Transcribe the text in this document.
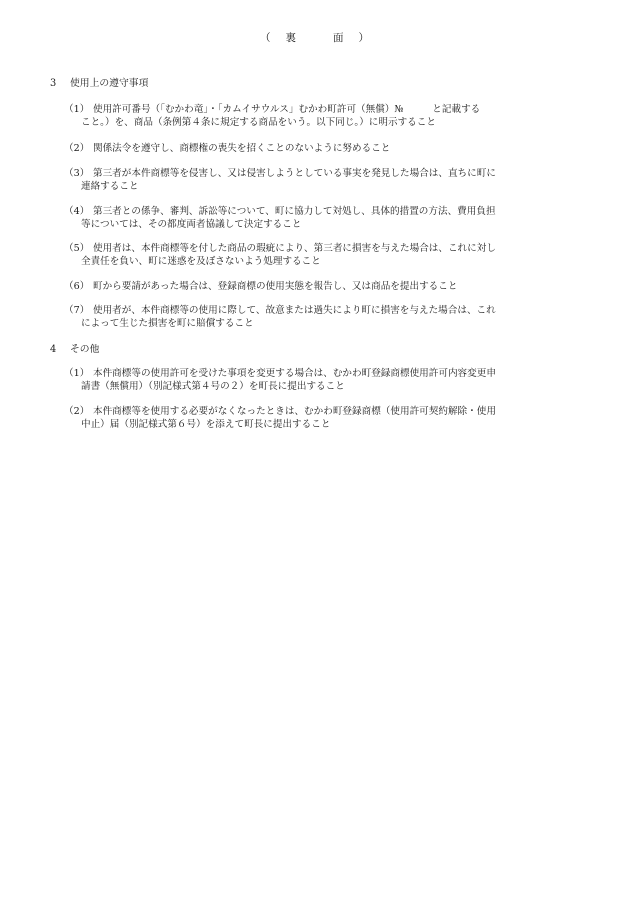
（ 裏	面 ）
3 使用上の遵守事項
（1） 使用許可番号（「むかわ竜」・「カムイサウルス」むかわ町許可（無償）№　　　と記載する
こと。）を、商品（条例第４条に規定する商品をいう。以下同じ。）に明示すること
（2） 関係法令を遵守し、商標権の喪失を招くことのないように努めること
（3） 第三者が本件商標等を侵害し、又は侵害しようとしている事実を発見した場合は、直ちに町に
連絡すること
（4） 第三者との係争、審判、訴訟等について、町に協力して対処し、具体的措置の方法、費用負担
等については、その都度両者協議して決定すること
（5） 使用者は、本件商標等を付した商品の瑕疵により、第三者に損害を与えた場合は、これに対し
全責任を負い、町に迷惑を及ぼさないよう処理すること
（6） 町から要請があった場合は、登録商標の使用実態を報告し、又は商品を提出すること
（7） 使用者が、本件商標等の使用に際して、故意または過失により町に損害を与えた場合は、これ
によって生じた損害を町に賠償すること
4 その他
（1） 本件商標等の使用許可を受けた事項を変更する場合は、むかわ町登録商標使用許可内容変更申
請書（無償用）（別記様式第４号の２）を町長に提出すること
（2） 本件商標等を使用する必要がなくなったときは、むかわ町登録商標（使用許可契約解除・使用
中止）届（別記様式第６号）を添えて町長に提出すること
